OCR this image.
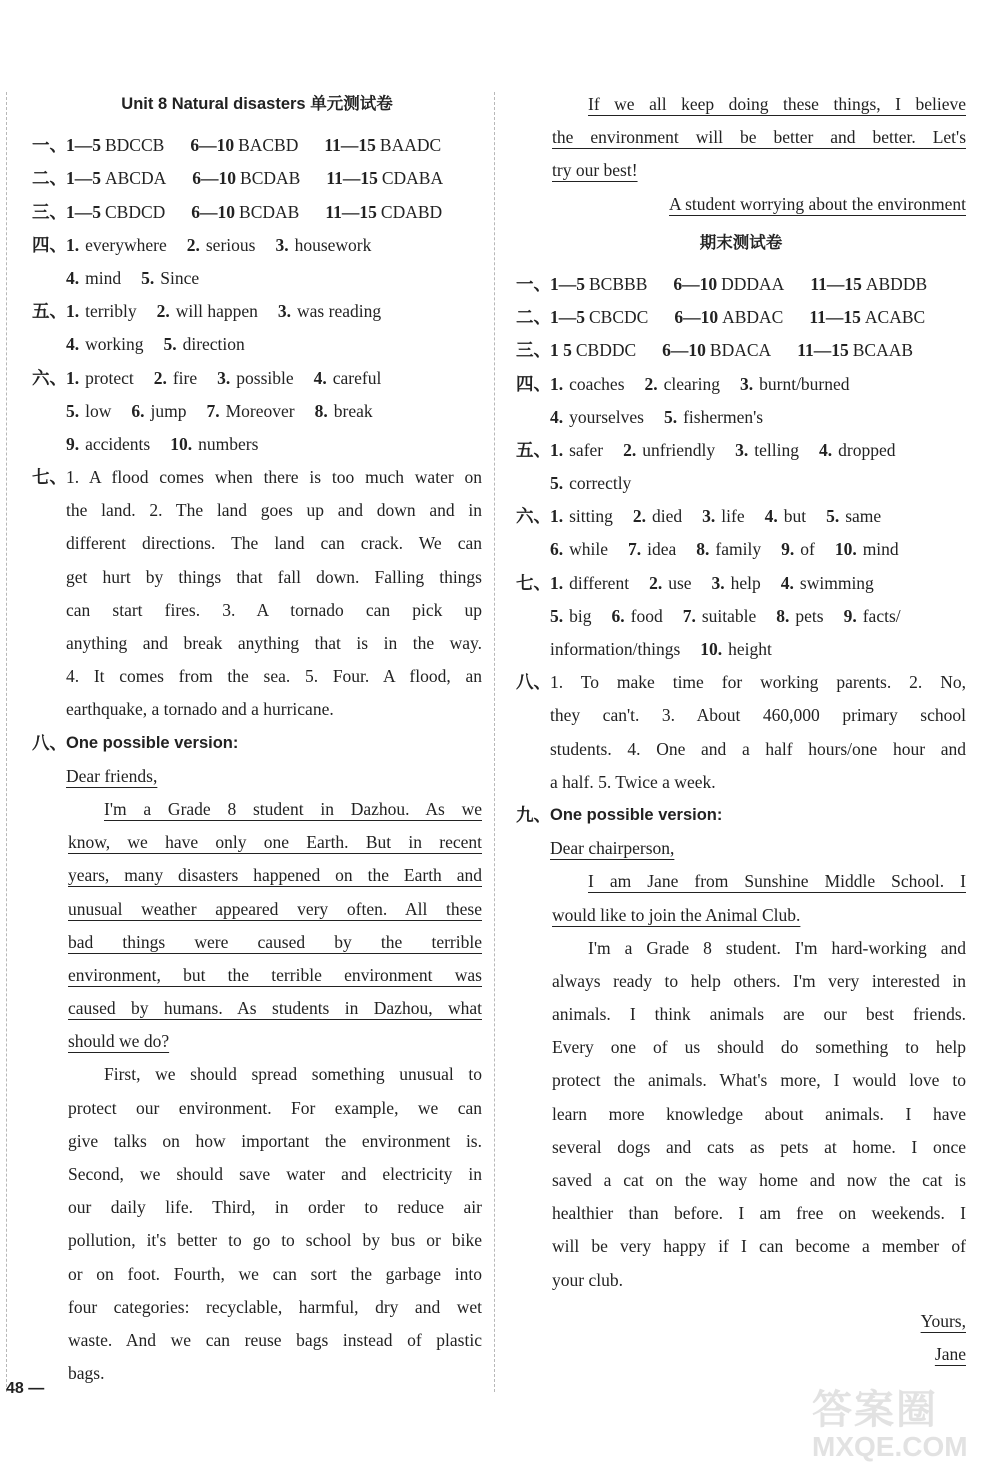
Unit 8 Natural disasters 单元测试卷
一、 1—5 BDCCB 6—10 BACBD 11—15 BAADC
二、 1—5 ABCDA 6—10 BCDAB 11—15 CDABA
三、 1—5 CBDCD 6—10 BCDAB 11—15 CDABD
四、 1. everywhere 2. serious 3. housework
4. mind 5. Since
五、 1. terribly 2. will happen 3. was reading
4. working 5. direction
六、 1. protect 2. fire 3. possible 4. careful
5. low 6. jump 7. Moreover 8. break
9. accidents 10. numbers
七、 1. A flood comes when there is too much water on
the land. 2. The land goes up and down and in
different directions. The land can crack. We can
get hurt by things that fall down. Falling things
can start fires. 3. A tornado can pick up
anything and break anything that is in the way.
4. It comes from the sea. 5. Four. A flood, an
earthquake, a tornado and a hurricane.
八、 One possible version:
Dear friends,
I'm a Grade 8 student in Dazhou. As we
know, we have only one Earth. But in recent
years, many disasters happened on the Earth and
unusual weather appeared very often. All these
bad things were caused by the terrible
environment, but the terrible environment was
caused by humans. As students in Dazhou, what
should we do?
First, we should spread something unusual to
protect our environment. For example, we can
give talks on how important the environment is.
Second, we should save water and electricity in
our daily life. Third, in order to reduce air
pollution, it's better to go to school by bus or bike
or on foot. Fourth, we can sort the garbage into
four categories: recyclable, harmful, dry and wet
waste. And we can reuse bags instead of plastic
bags.
If we all keep doing these things, I believe
the environment will be better and better. Let's
try our best!
A student worrying about the environment
期末测试卷
一、 1—5 BCBBB 6—10 DDDAA 11—15 ABDDB
二、 1—5 CBCDC 6—10 ABDAC 11—15 ACABC
三、 1 5 CBDDC 6—10 BDACA 11—15 BCAAB
四、 1. coaches 2. clearing 3. burnt/burned
4. yourselves 5. fishermen's
五、 1. safer 2. unfriendly 3. telling 4. dropped
5. correctly
六、 1. sitting 2. died 3. life 4. but 5. same
6. while 7. idea 8. family 9. of 10. mind
七、 1. different 2. use 3. help 4. swimming
5. big 6. food 7. suitable 8. pets 9. facts/
information/things 10. height
八、 1. To make time for working parents. 2. No,
they can't. 3. About 460,000 primary school
students. 4. One and a half hours/one hour and
a half. 5. Twice a week.
九、 One possible version:
Dear chairperson,
I am Jane from Sunshine Middle School. I
would like to join the Animal Club.
I'm a Grade 8 student. I'm hard-working and
always ready to help others. I'm very interested in
animals. I think animals are our best friends.
Every one of us should do something to help
protect the animals. What's more, I would love to
learn more knowledge about animals. I have
several dogs and cats as pets at home. I once
saved a cat on the way home and now the cat is
healthier than before. I am free on weekends. I
will be very happy if I can become a member of
your club.
Yours,
Jane
48 —	答案圈
MXQE.COM
